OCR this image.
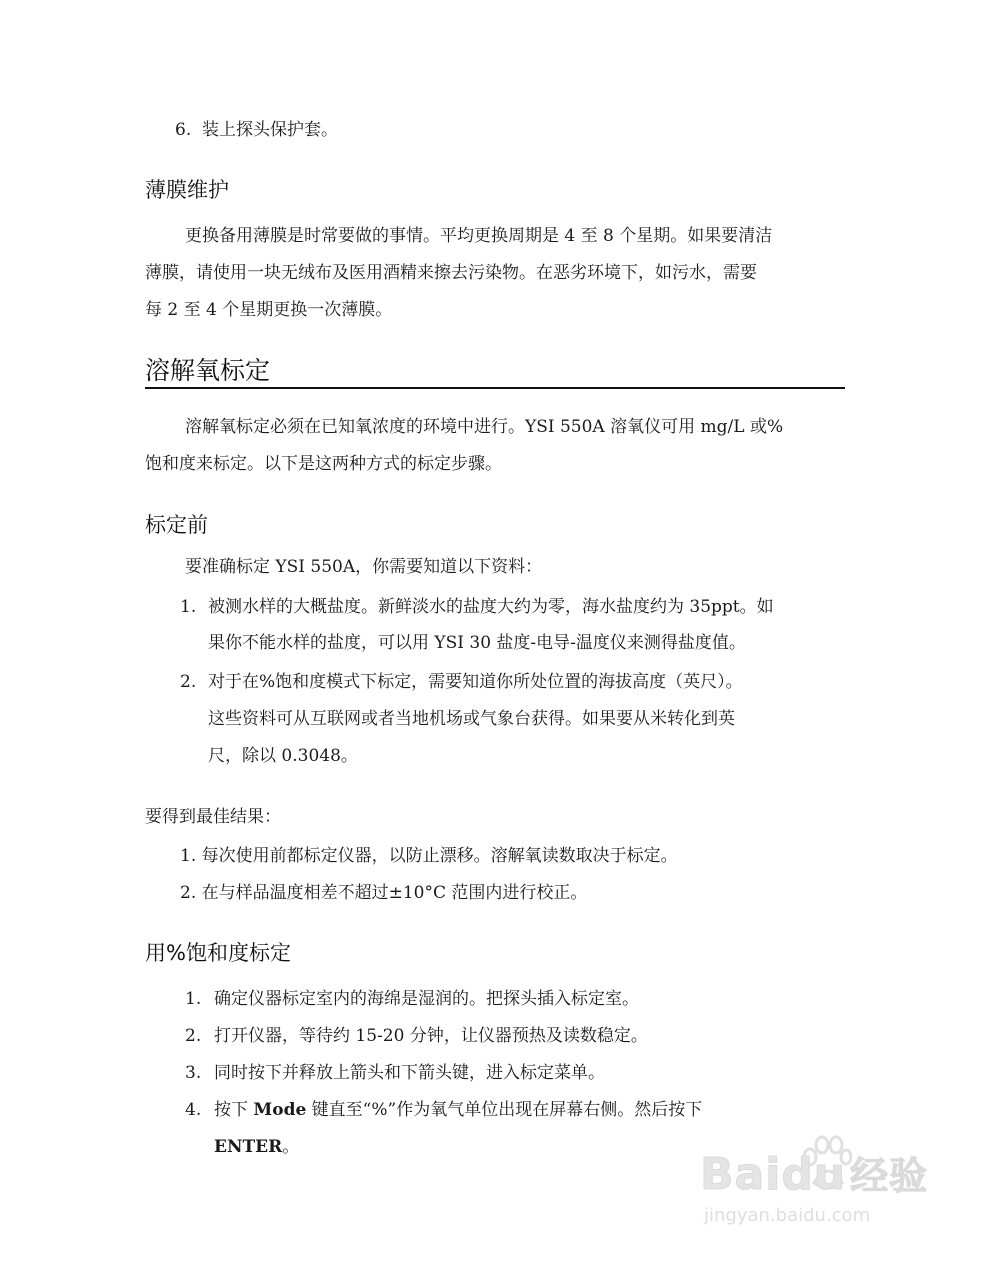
6. 装上探头保护套。
薄膜维护
更换备用薄膜是时常要做的事情。平均更换周期是 4 至 8 个星期。如果要清洁
薄膜，请使用一块无绒布及医用酒精来擦去污染物。在恶劣环境下，如污水，需要
每 2 至 4 个星期更换一次薄膜。
溶解氧标定
溶解氧标定必须在已知氧浓度的环境中进行。YSI 550A 溶氧仪可用 mg/L 或%
饱和度来标定。以下是这两种方式的标定步骤。
标定前
要准确标定 YSI 550A，你需要知道以下资料：
1. 被测水样的大概盐度。新鲜淡水的盐度大约为零，海水盐度约为 35ppt。如
果你不能水样的盐度，可以用 YSI 30 盐度-电导-温度仪来测得盐度值。
2. 对于在%饱和度模式下标定，需要知道你所处位置的海拔高度（英尺）。
这些资料可从互联网或者当地机场或气象台获得。如果要从米转化到英
尺，除以 0.3048。
要得到最佳结果：
1. 每次使用前都标定仪器，以防止漂移。溶解氧读数取决于标定。
2. 在与样品温度相差不超过±10°C 范围内进行校正。
用%饱和度标定
1. 确定仪器标定室内的海绵是湿润的。把探头插入标定室。
2. 打开仪器，等待约 15-20 分钟，让仪器预热及读数稳定。
3. 同时按下并释放上箭头和下箭头键，进入标定菜单。
4. 按下 Mode 键直至“%”作为氧气单位出现在屏幕右侧。然后按下
ENTER。
Baidu 经验
jingyan.baidu.com
